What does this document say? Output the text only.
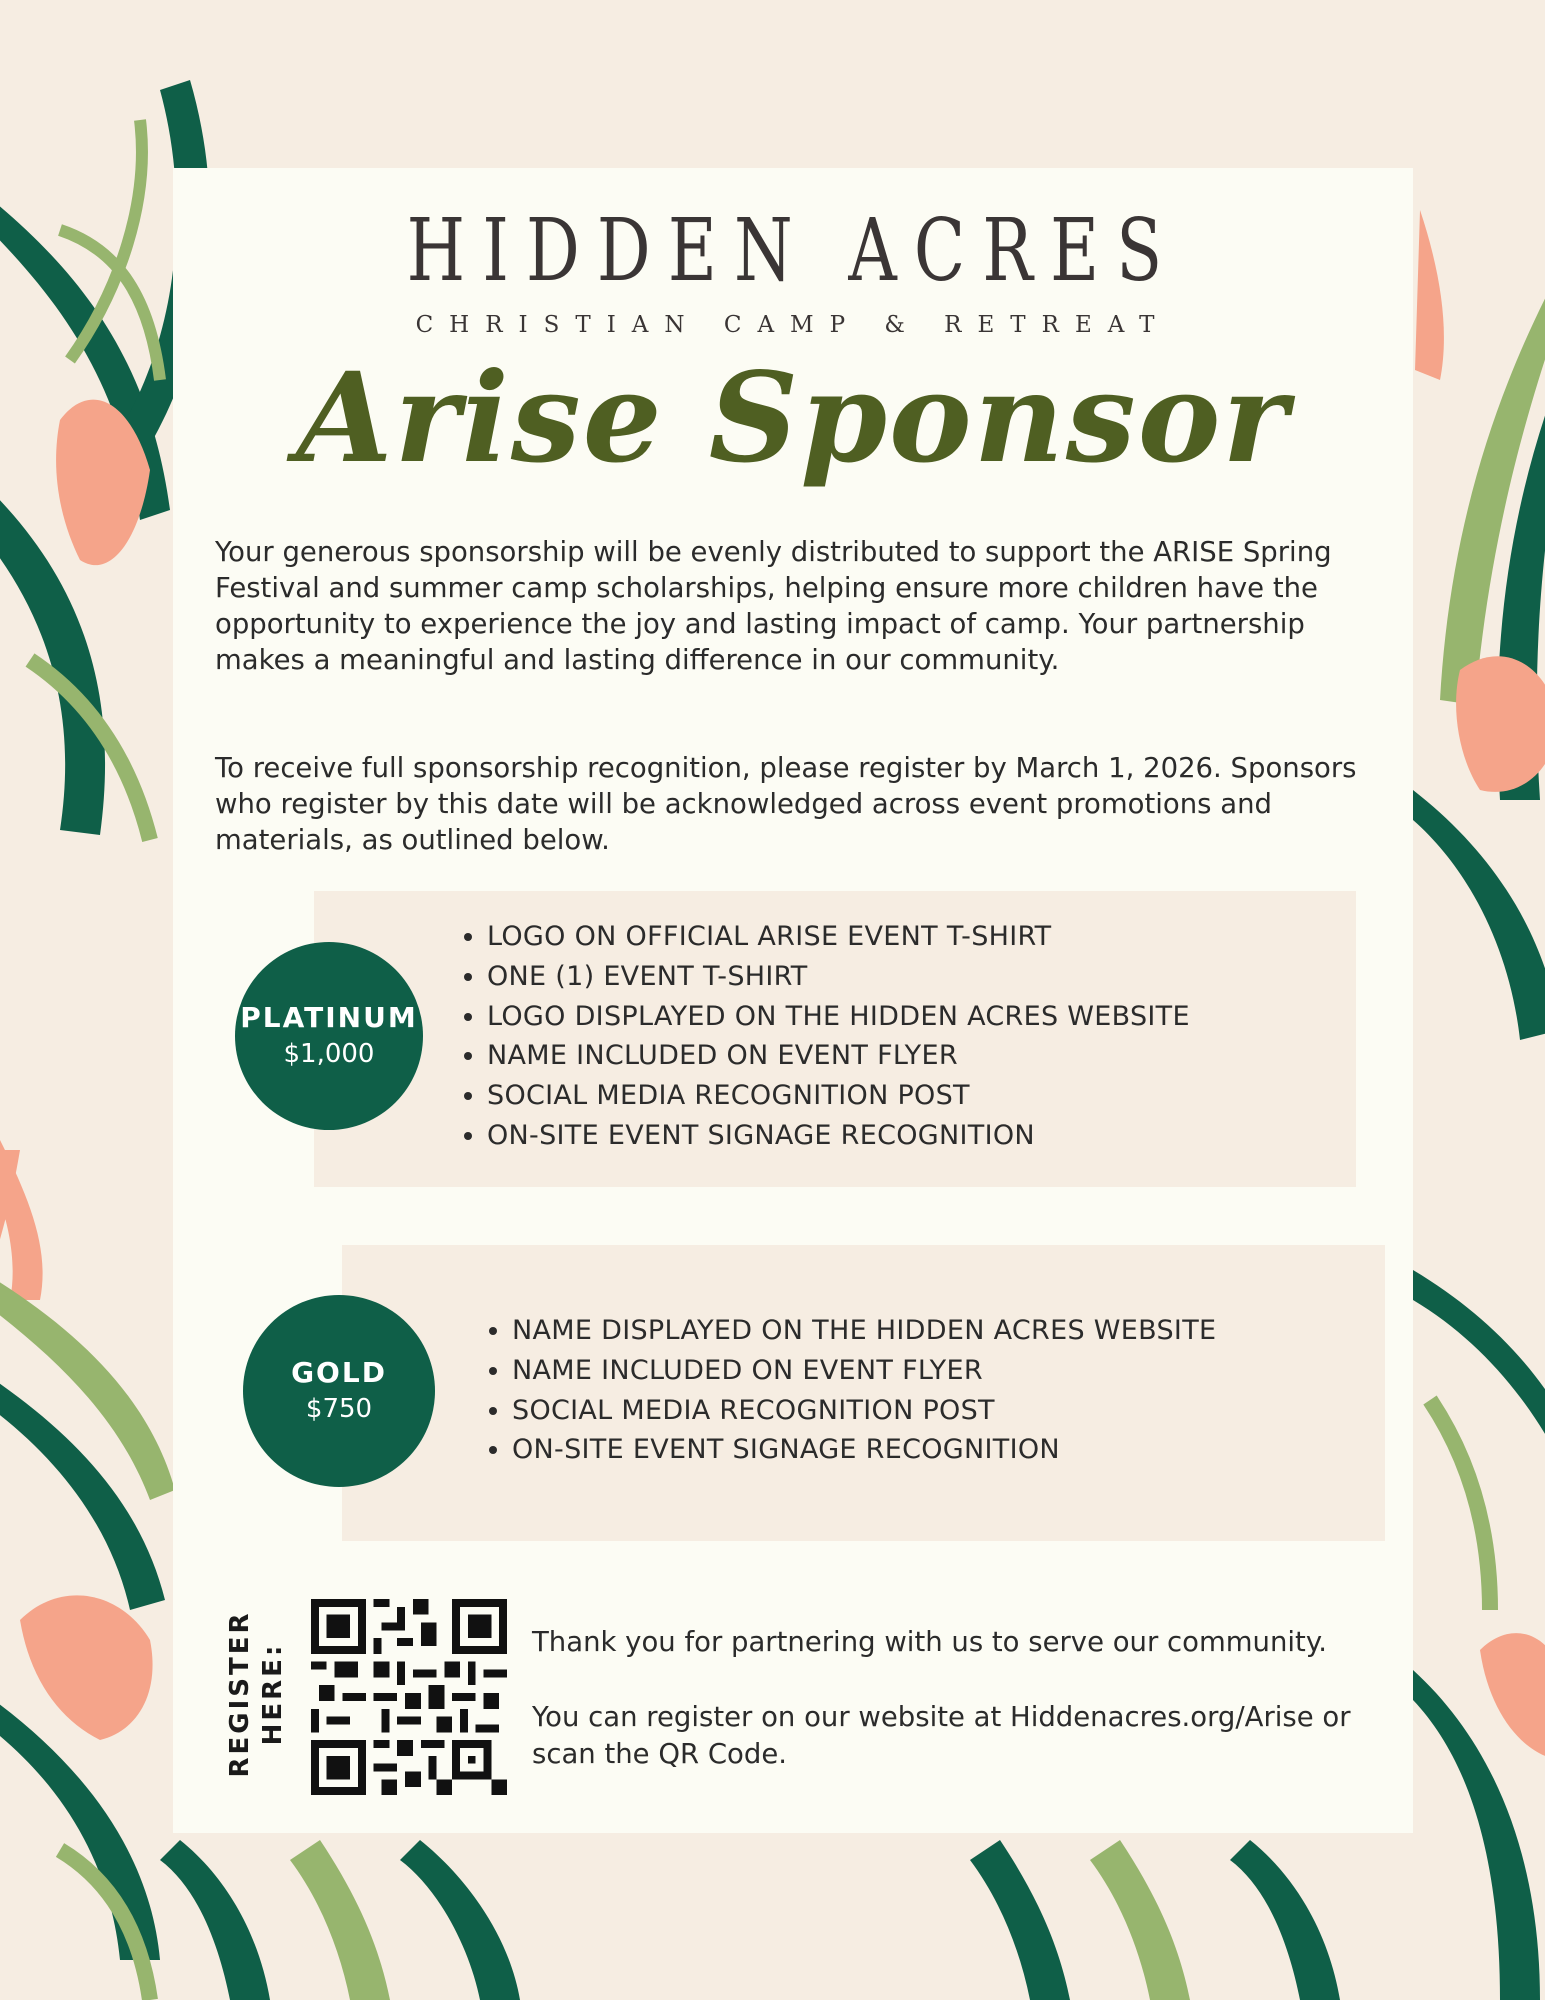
HIDDEN ACRES
CHRISTIAN CAMP & RETREAT
Arise Sponsor

Your generous sponsorship will be evenly distributed to support the ARISE Spring Festival and summer camp scholarships, helping ensure more children have the opportunity to experience the joy and lasting impact of camp. Your partnership makes a meaningful and lasting difference in our community.

To receive full sponsorship recognition, please register by March 1, 2026. Sponsors who register by this date will be acknowledged across event promotions and materials, as outlined below.

PLATINUM
$1,000
• LOGO ON OFFICIAL ARISE EVENT T-SHIRT
• ONE (1) EVENT T-SHIRT
• LOGO DISPLAYED ON THE HIDDEN ACRES WEBSITE
• NAME INCLUDED ON EVENT FLYER
• SOCIAL MEDIA RECOGNITION POST
• ON-SITE EVENT SIGNAGE RECOGNITION
GOLD
$750
• NAME DISPLAYED ON THE HIDDEN ACRES WEBSITE
• NAME INCLUDED ON EVENT FLYER
• SOCIAL MEDIA RECOGNITION POST
• ON-SITE EVENT SIGNAGE RECOGNITION
REGISTER HERE:

Thank you for partnering with us to serve our community.

You can register on our website at Hiddenacres.org/Arise or scan the QR Code.
